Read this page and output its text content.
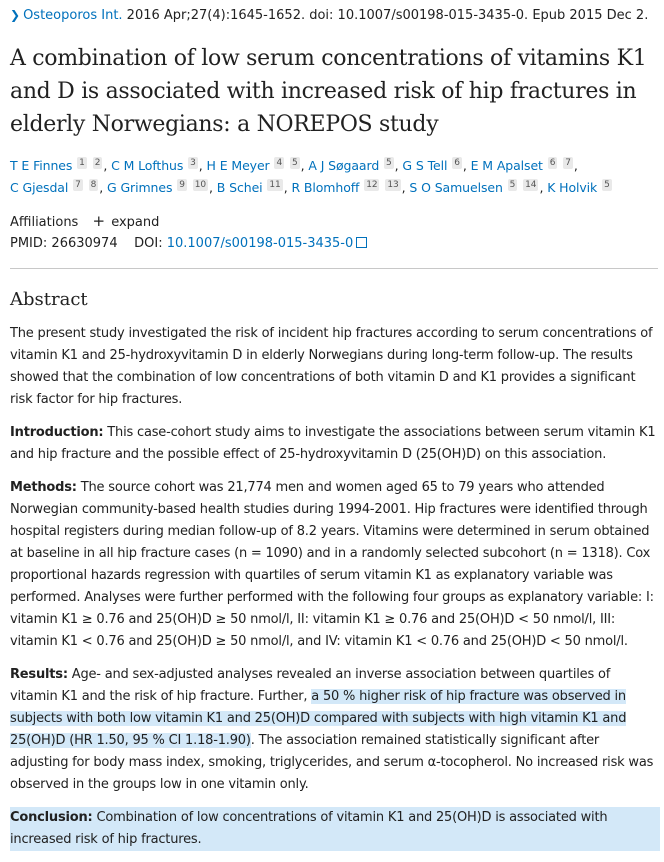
❯ Osteoporos Int. 2016 Apr;27(4):1645-1652. doi: 10.1007/s00198-015-3435-0. Epub 2015 Dec 2.
A combination of low serum concentrations of vitamins K1 and D is associated with increased risk of hip fractures in elderly Norwegians: a NOREPOS study
T E Finnes 1 2 , C M Lofthus 3 , H E Meyer 4 5 , A J Søgaard 5 , G S Tell 6 , E M Apalset 6 7 , C Gjesdal 7 8 , G Grimnes 9 10 , B Schei 11 , R Blomhoff 12 13 , S O Samuelsen 5 14 , K Holvik 5
Affiliations + expand
PMID: 26630974 DOI: 10.1007/s00198-015-3435-0
Abstract

The present study investigated the risk of incident hip fractures according to serum concentrations of vitamin K1 and 25-hydroxyvitamin D in elderly Norwegians during long-term follow-up. The results showed that the combination of low concentrations of both vitamin D and K1 provides a significant risk factor for hip fractures.

Introduction: This case-cohort study aims to investigate the associations between serum vitamin K1 and hip fracture and the possible effect of 25-hydroxyvitamin D (25(OH)D) on this association.

Methods: The source cohort was 21,774 men and women aged 65 to 79 years who attended Norwegian community-based health studies during 1994-2001. Hip fractures were identified through hospital registers during median follow-up of 8.2 years. Vitamins were determined in serum obtained at baseline in all hip fracture cases (n = 1090) and in a randomly selected subcohort (n = 1318). Cox proportional hazards regression with quartiles of serum vitamin K1 as explanatory variable was performed. Analyses were further performed with the following four groups as explanatory variable: I: vitamin K1 ≥ 0.76 and 25(OH)D ≥ 50 nmol/l, II: vitamin K1 ≥ 0.76 and 25(OH)D < 50 nmol/l, III: vitamin K1 < 0.76 and 25(OH)D ≥ 50 nmol/l, and IV: vitamin K1 < 0.76 and 25(OH)D < 50 nmol/l.

Results: Age- and sex-adjusted analyses revealed an inverse association between quartiles of vitamin K1 and the risk of hip fracture. Further, a 50 % higher risk of hip fracture was observed in subjects with both low vitamin K1 and 25(OH)D compared with subjects with high vitamin K1 and 25(OH)D (HR 1.50, 95 % CI 1.18-1.90). The association remained statistically significant after adjusting for body mass index, smoking, triglycerides, and serum α-tocopherol. No increased risk was observed in the groups low in one vitamin only.

Conclusion: Combination of low concentrations of vitamin K1 and 25(OH)D is associated with increased risk of hip fractures.
